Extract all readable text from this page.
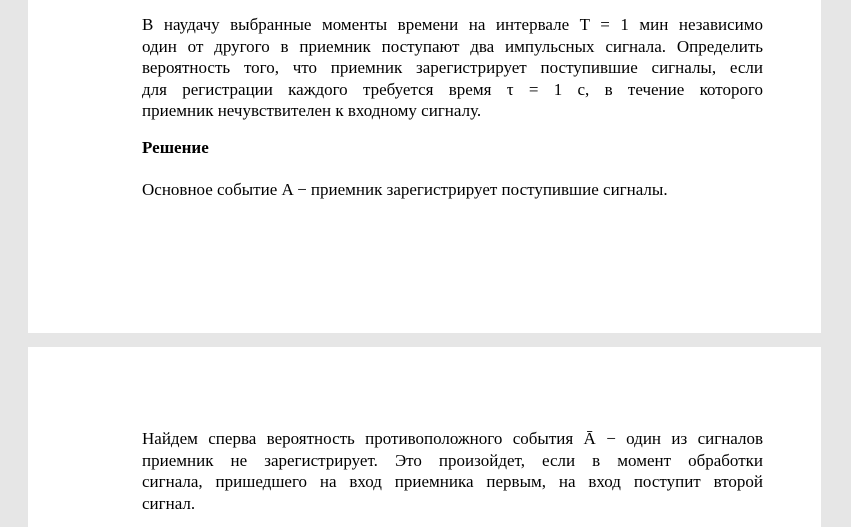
В наудачу выбранные моменты времени на интервале T = 1 мин независимо
один от другого в приемник поступают два импульсных сигнала. Определить
вероятность того, что приемник зарегистрирует поступившие сигналы, если
для регистрации каждого требуется время τ = 1 с, в течение которого
приемник нечувствителен к входному сигналу.

Решение

Основное событие A − приемник зарегистрирует поступившие сигналы.

Найдем сперва вероятность противоположного события Ā − один из сигналов
приемник не зарегистрирует. Это произойдет, если в момент обработки
сигнала, пришедшего на вход приемника первым, на вход поступит второй
сигнал.
